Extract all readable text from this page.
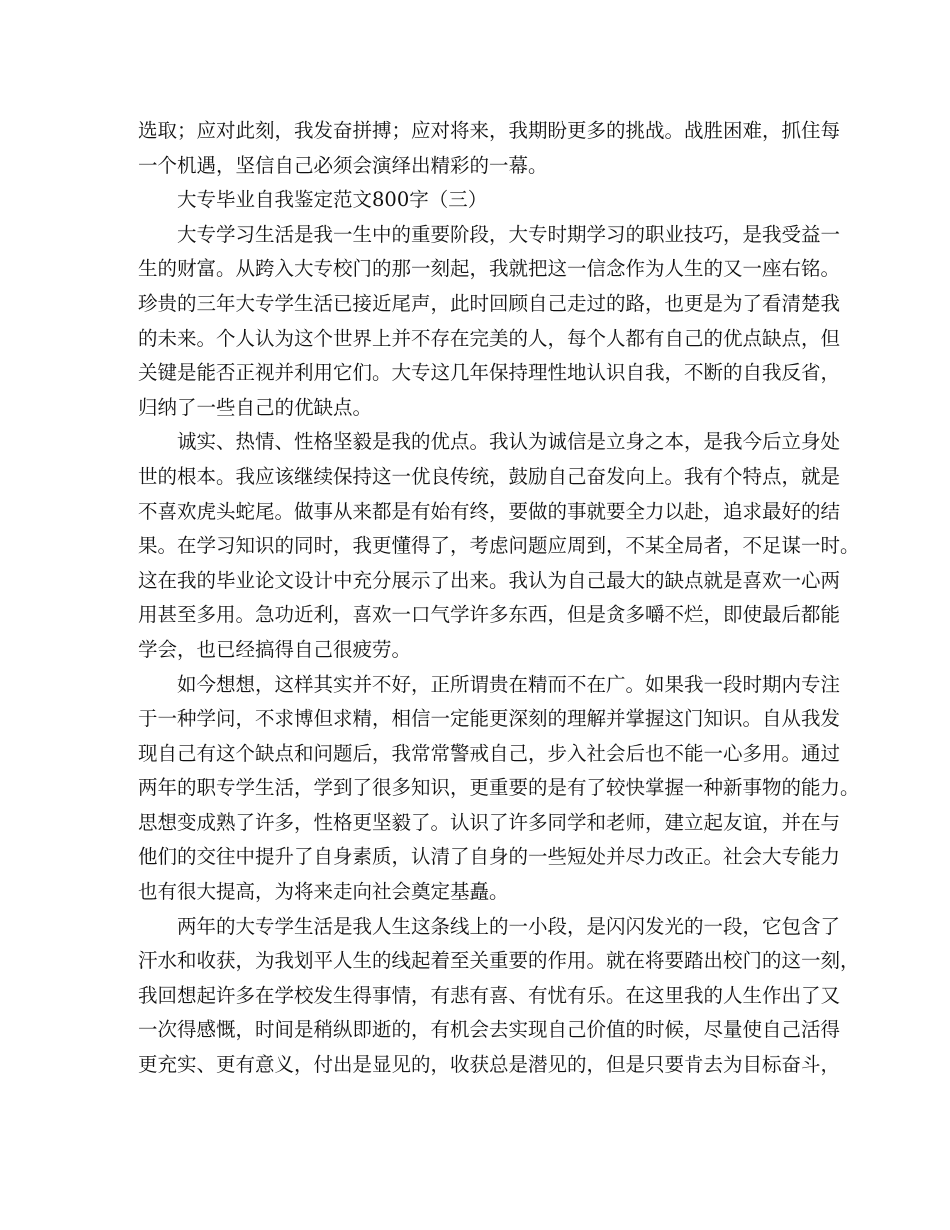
选取；应对此刻，我发奋拼搏；应对将来，我期盼更多的挑战。战胜困难，抓住每
一个机遇，坚信自己必须会演绎出精彩的一幕。
大专毕业自我鉴定范文800字（三）
大专学习生活是我一生中的重要阶段，大专时期学习的职业技巧，是我受益一
生的财富。从跨入大专校门的那一刻起，我就把这一信念作为人生的又一座右铭。
珍贵的三年大专学生活已接近尾声，此时回顾自己走过的路，也更是为了看清楚我
的未来。个人认为这个世界上并不存在完美的人，每个人都有自己的优点缺点，但
关键是能否正视并利用它们。大专这几年保持理性地认识自我，不断的自我反省，
归纳了一些自己的优缺点。
诚实、热情、性格坚毅是我的优点。我认为诚信是立身之本，是我今后立身处
世的根本。我应该继续保持这一优良传统，鼓励自己奋发向上。我有个特点，就是
不喜欢虎头蛇尾。做事从来都是有始有终，要做的事就要全力以赴，追求最好的结
果。在学习知识的同时，我更懂得了，考虑问题应周到，不某全局者，不足谋一时。
这在我的毕业论文设计中充分展示了出来。我认为自己最大的缺点就是喜欢一心两
用甚至多用。急功近利，喜欢一口气学许多东西，但是贪多嚼不烂，即使最后都能
学会，也已经搞得自己很疲劳。
如今想想，这样其实并不好，正所谓贵在精而不在广。如果我一段时期内专注
于一种学问，不求博但求精，相信一定能更深刻的理解并掌握这门知识。自从我发
现自己有这个缺点和问题后，我常常警戒自己，步入社会后也不能一心多用。通过
两年的职专学生活，学到了很多知识，更重要的是有了较快掌握一种新事物的能力。
思想变成熟了许多，性格更坚毅了。认识了许多同学和老师，建立起友谊，并在与
他们的交往中提升了自身素质，认清了自身的一些短处并尽力改正。社会大专能力
也有很大提高，为将来走向社会奠定基矗。
两年的大专学生活是我人生这条线上的一小段，是闪闪发光的一段，它包含了
汗水和收获，为我划平人生的线起着至关重要的作用。就在将要踏出校门的这一刻，
我回想起许多在学校发生得事情，有悲有喜、有忧有乐。在这里我的人生作出了又
一次得感慨，时间是稍纵即逝的，有机会去实现自己价值的时候，尽量使自己活得
更充实、更有意义，付出是显见的，收获总是潜见的，但是只要肯去为目标奋斗，
